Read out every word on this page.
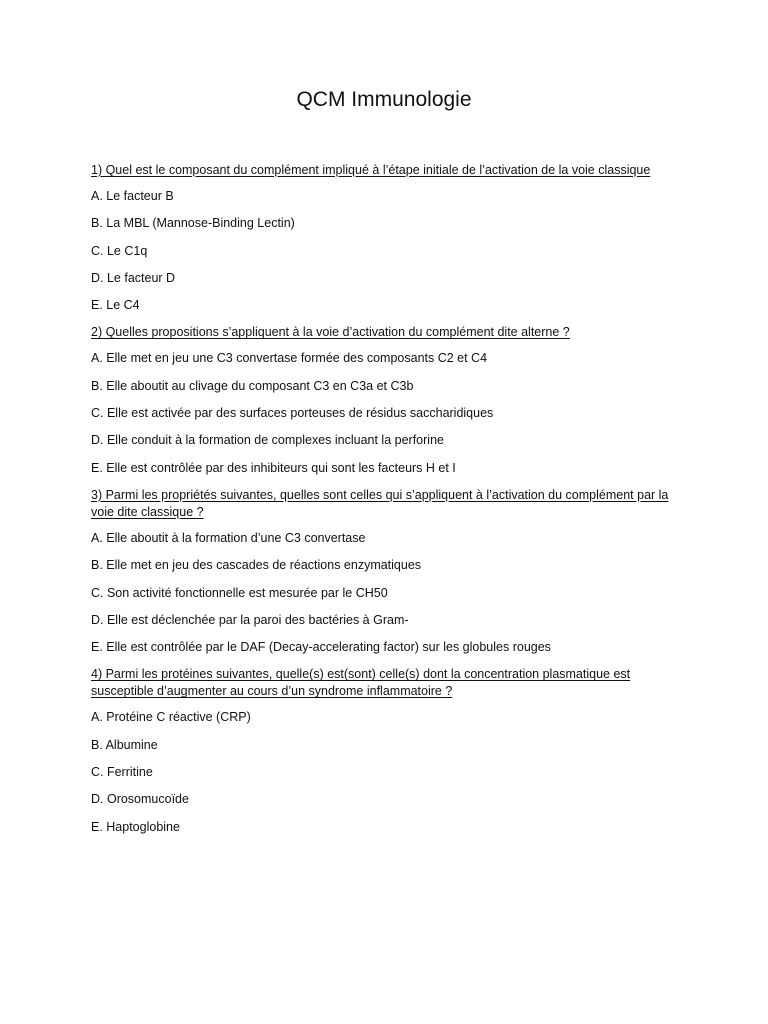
QCM Immunologie

1) Quel est le composant du complément impliqué à l’étape initiale de l’activation de la voie classique

A. Le facteur B

B. La MBL (Mannose-Binding Lectin)

C. Le C1q

D. Le facteur D

E. Le C4

2) Quelles propositions s’appliquent à la voie d’activation du complément dite alterne ?

A. Elle met en jeu une C3 convertase formée des composants C2 et C4

B. Elle aboutit au clivage du composant C3 en C3a et C3b

C. Elle est activée par des surfaces porteuses de résidus saccharidiques

D. Elle conduit à la formation de complexes incluant la perforine

E. Elle est contrôlée par des inhibiteurs qui sont les facteurs H et I

3) Parmi les propriétés suivantes, quelles sont celles qui s’appliquent à l’activation du complément par la voie dite classique ?

A. Elle aboutit à la formation d’une C3 convertase

B. Elle met en jeu des cascades de réactions enzymatiques

C. Son activité fonctionnelle est mesurée par le CH50

D. Elle est déclenchée par la paroi des bactéries à Gram-

E. Elle est contrôlée par le DAF (Decay-accelerating factor) sur les globules rouges

4) Parmi les protéines suivantes, quelle(s) est(sont) celle(s) dont la concentration plasmatique est susceptible d’augmenter au cours d’un syndrome inflammatoire ?

A. Protéine C réactive (CRP)

B. Albumine

C. Ferritine

D. Orosomucoïde

E. Haptoglobine
